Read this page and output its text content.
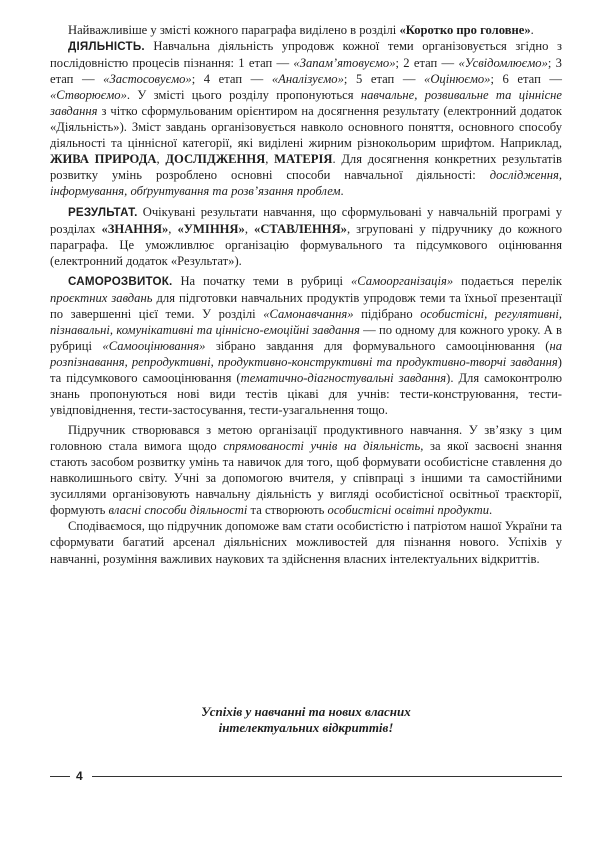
Найважливіше у змісті кожного параграфа виділено в розділі «Коротко про головне».

ДІЯЛЬНІСТЬ. Навчальна діяльність упродовж кожної теми організовується згідно з послідовністю процесів пізнання: 1 етап — «Запам’ятовуємо»; 2 етап — «Усвідомлюємо»; 3 етап — «Застосовуємо»; 4 етап — «Аналізуємо»; 5 етап — «Оцінюємо»; 6 етап — «Створюємо». У змісті цього розділу пропонуються навчальне, розвивальне та ціннісне завдання з чітко сформульованим орієнтиром на досягнення результату (електронний додаток «Діяльність»). Зміст завдань організовується навколо основного поняття, основного способу діяльності та ціннісної категорії, які виділені жирним різнокольорим шрифтом. Наприклад, ЖИВА ПРИРОДА, ДОСЛІДЖЕННЯ, МАТЕРІЯ. Для досягнення конкретних результатів розвитку умінь розроблено основні способи навчальної діяльності: дослідження, інформування, обґрунтування та розв’язання проблем.

РЕЗУЛЬТАТ. Очікувані результати навчання, що сформульовані у навчальній програмі у розділах «ЗНАННЯ», «УМІННЯ», «СТАВЛЕННЯ», згруповані у підручнику до кожного параграфа. Це уможливлює організацію формувального та підсумкового оцінювання (електронний додаток «Результат»).

САМОРОЗВИТОК. На початку теми в рубриці «Самоорганізація» подається перелік проєктних завдань для підготовки навчальних продуктів упродовж теми та їхньої презентації по завершенні цієї теми. У розділі «Самонавчання» підібрано особистісні, регулятивні, пізнавальні, комунікативні та ціннісно-емоційні завдання — по одному для кожного уроку. А в рубриці «Самооцінювання» зібрано завдання для формувального самооцінювання (на розпізнавання, репродуктивні, продуктивно-конструктивні та продуктивно-творчі завдання) та підсумкового самооцінювання (тематично-діагностувальні завдання). Для самоконтролю знань пропонуються нові види тестів цікаві для учнів: тести-конструювання, тести-увідповіднення, тести-застосування, тести-узагальнення тощо.

Підручник створювався з метою організації продуктивного навчання. У зв’язку з цим головною стала вимога щодо спрямованості учнів на діяльність, за якої засвоєні знання стають засобом розвитку умінь та навичок для того, щоб формувати особистісне ставлення до навколишнього світу. Учні за допомогою вчителя, у співпраці з іншими та самостійними зусиллями організовують навчальну діяльність у вигляді особистісної освітньої траєкторії, формують власні способи діяльності та створюють особистісні освітні продукти.

Сподіваємося, що підручник допоможе вам стати особистістю і патріотом нашої України та сформувати багатий арсенал діяльнісних можливостей для пізнання нового. Успіхів у навчанні, розуміння важливих наукових та здійснення власних інтелектуальних відкриттів.

Успіхів у навчанні та нових власних
інтелектуальних відкриттів!
4
